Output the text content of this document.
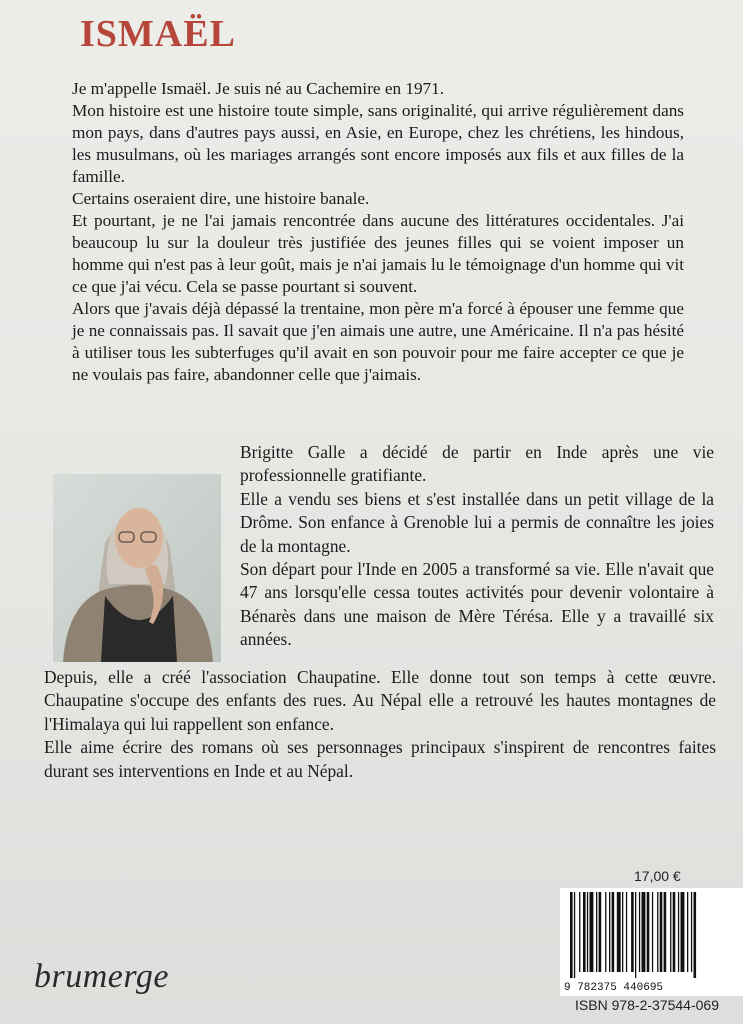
ISMAËL

Je m'appelle Ismaël. Je suis né au Cachemire en 1971.

Mon histoire est une histoire toute simple, sans originalité, qui arrive régulièrement dans mon pays, dans d'autres pays aussi, en Asie, en Europe, chez les chrétiens, les hindous, les musulmans, où les mariages arrangés sont encore imposés aux fils et aux filles de la famille.

Certains oseraient dire, une histoire banale.

Et pourtant, je ne l'ai jamais rencontrée dans aucune des littératures occidentales. J'ai beaucoup lu sur la douleur très justifiée des jeunes filles qui se voient imposer un homme qui n'est pas à leur goût, mais je n'ai jamais lu le témoignage d'un homme qui vit ce que j'ai vécu. Cela se passe pourtant si souvent.

Alors que j'avais déjà dépassé la trentaine, mon père m'a forcé à épouser une femme que je ne connaissais pas. Il savait que j'en aimais une autre, une Américaine. Il n'a pas hésité à utiliser tous les subterfuges qu'il avait en son pouvoir pour me faire accepter ce que je ne voulais pas faire, abandonner celle que j'aimais.

Brigitte Galle a décidé de partir en Inde après une vie professionnelle gratifiante.

Elle a vendu ses biens et s'est installée dans un petit village de la Drôme. Son enfance à Grenoble lui a permis de connaître les joies de la montagne.

Son départ pour l'Inde en 2005 a transformé sa vie. Elle n'avait que 47 ans lorsqu'elle cessa toutes activités pour devenir volontaire à Bénarès dans une maison de Mère Térésa. Elle y a travaillé six années.

Depuis, elle a créé l'association Chaupatine. Elle donne tout son temps à cette œuvre. Chaupatine s'occupe des enfants des rues. Au Népal elle a retrouvé les hautes montagnes de l'Himalaya qui lui rappellent son enfance.

Elle aime écrire des romans où ses personnages principaux s'inspirent de rencontres faites durant ses interventions en Inde et au Népal.

brumerge
17,00 €
9 782375 440695
ISBN 978-2-37544-069
